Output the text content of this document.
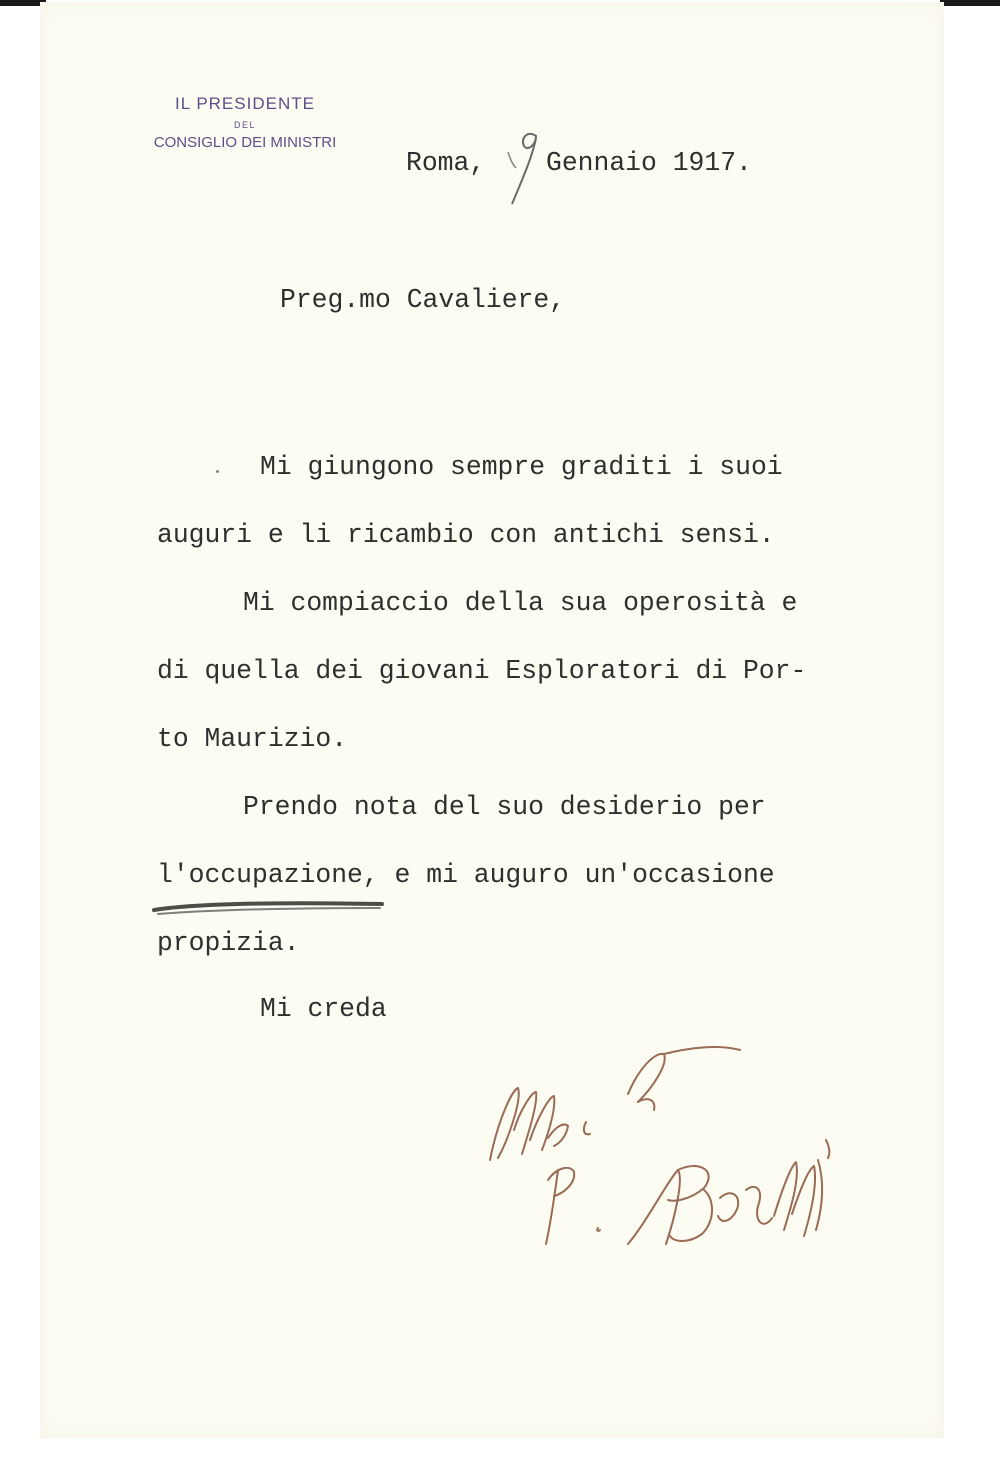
IL PRESIDENTE
DEL
CONSIGLIO DEI MINISTRI
Roma, Gennaio 1917.
Preg.mo Cavaliere,
Mi giungono sempre graditi i suoi
auguri e li ricambio con antichi sensi.
Mi compiaccio della sua operosità e
di quella dei giovani Esploratori di Por-
to Maurizio.
Prendo nota del suo desiderio per
l'occupazione, e mi auguro un'occasione
propizia.
Mi creda
